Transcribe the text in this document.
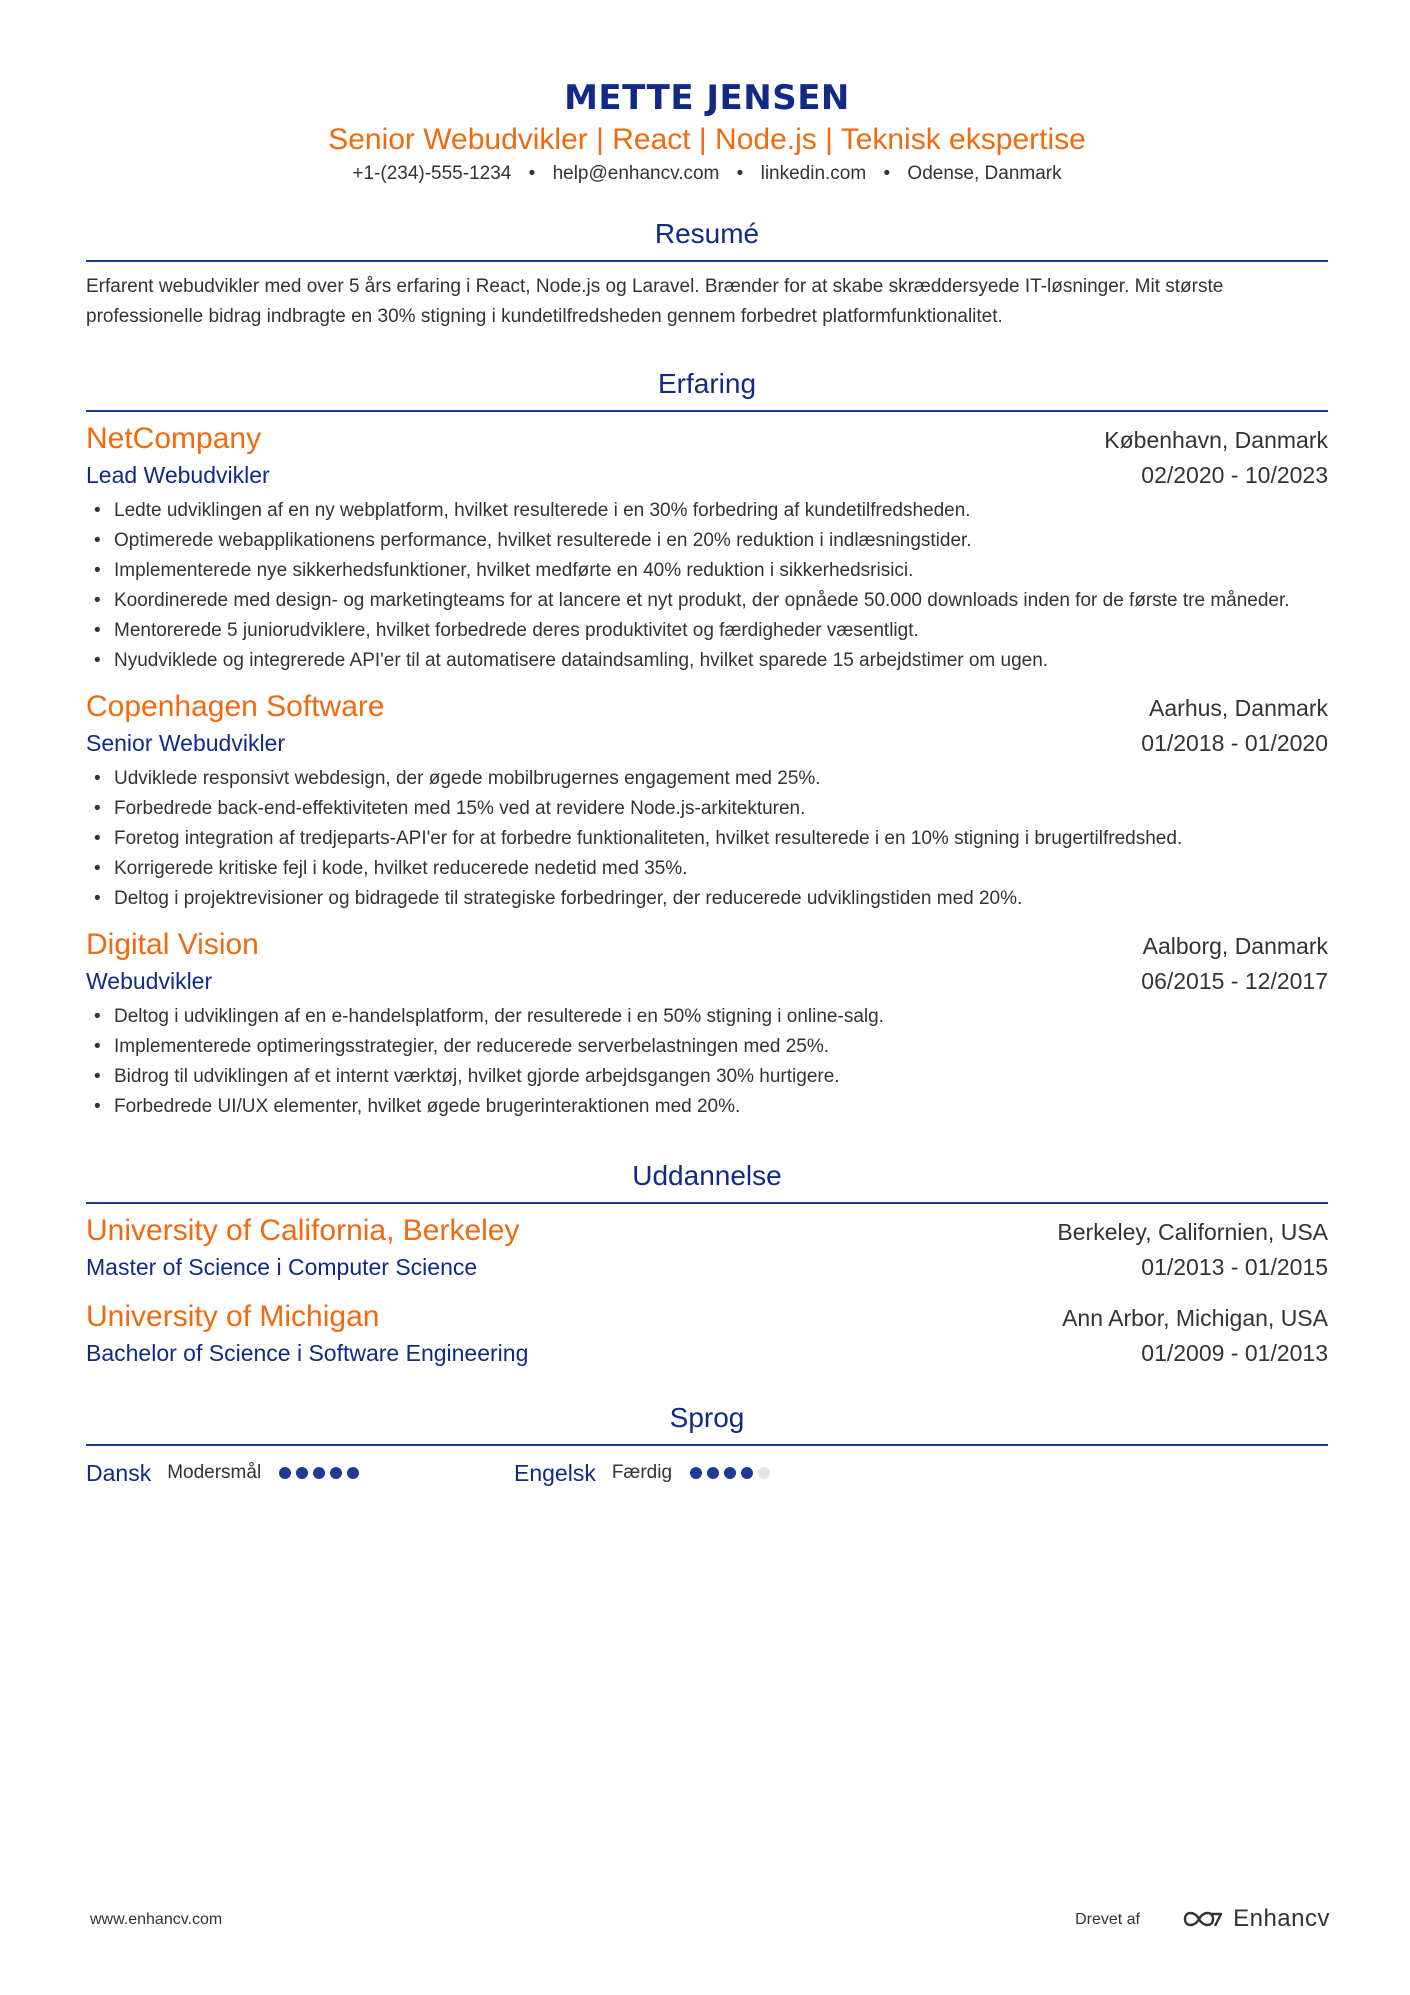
METTE JENSEN
Senior Webudvikler | React | Node.js | Teknisk ekspertise
+1-(234)-555-1234 • help@enhancv.com • linkedin.com • Odense, Danmark
Resumé
Erfarent webudvikler med over 5 års erfaring i React, Node.js og Laravel. Brænder for at skabe skræddersyede IT-løsninger. Mit største professionelle bidrag indbragte en 30% stigning i kundetilfredsheden gennem forbedret platformfunktionalitet.
Erfaring
NetCompany	København, Danmark
Lead Webudvikler	02/2020 - 10/2023
• Ledte udviklingen af en ny webplatform, hvilket resulterede i en 30% forbedring af kundetilfredsheden.
• Optimerede webapplikationens performance, hvilket resulterede i en 20% reduktion i indlæsningstider.
• Implementerede nye sikkerhedsfunktioner, hvilket medførte en 40% reduktion i sikkerhedsrisici.
• Koordinerede med design- og marketingteams for at lancere et nyt produkt, der opnåede 50.000 downloads inden for de første tre måneder.
• Mentorerede 5 juniorudviklere, hvilket forbedrede deres produktivitet og færdigheder væsentligt.
• Nyudviklede og integrerede API'er til at automatisere dataindsamling, hvilket sparede 15 arbejdstimer om ugen.
Copenhagen Software	Aarhus, Danmark
Senior Webudvikler	01/2018 - 01/2020
• Udviklede responsivt webdesign, der øgede mobilbrugernes engagement med 25%.
• Forbedrede back-end-effektiviteten med 15% ved at revidere Node.js-arkitekturen.
• Foretog integration af tredjeparts-API'er for at forbedre funktionaliteten, hvilket resulterede i en 10% stigning i brugertilfredshed.
• Korrigerede kritiske fejl i kode, hvilket reducerede nedetid med 35%.
• Deltog i projektrevisioner og bidragede til strategiske forbedringer, der reducerede udviklingstiden med 20%.
Digital Vision	Aalborg, Danmark
Webudvikler	06/2015 - 12/2017
• Deltog i udviklingen af en e-handelsplatform, der resulterede i en 50% stigning i online-salg.
• Implementerede optimeringsstrategier, der reducerede serverbelastningen med 25%.
• Bidrog til udviklingen af et internt værktøj, hvilket gjorde arbejdsgangen 30% hurtigere.
• Forbedrede UI/UX elementer, hvilket øgede brugerinteraktionen med 20%.
Uddannelse
University of California, Berkeley	Berkeley, Californien, USA
Master of Science i Computer Science	01/2013 - 01/2015
University of Michigan	Ann Arbor, Michigan, USA
Bachelor of Science i Software Engineering	01/2009 - 01/2013
Sprog
Dansk Modersmål	Engelsk Færdig
www.enhancv.com	Drevet af	Enhancv
